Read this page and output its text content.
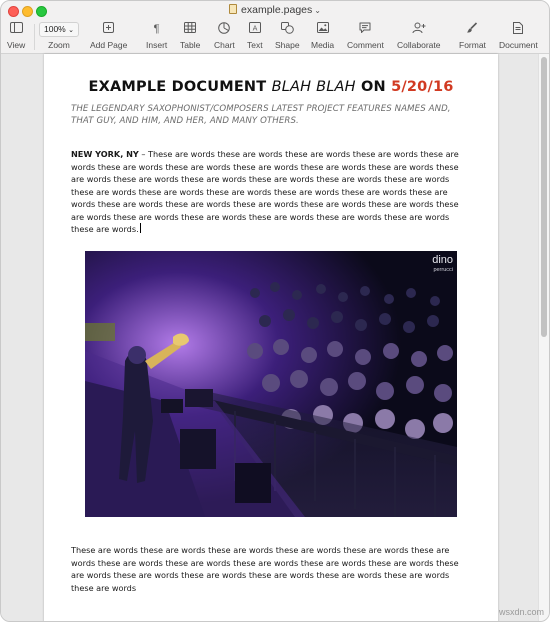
example.pages ⌄
View
100% ⌄
Zoom	Add Page
¶
Insert Table Chart
A
Text Shape Media Comment Collaborate Format Document
EXAMPLE DOCUMENT BLAH BLAH ON 5/20/16
THE LEGENDARY SAXOPHONIST/COMPOSERS LATEST PROJECT FEATURES NAMES AND, THAT GUY, AND HIM, AND HER, AND MANY OTHERS.
NEW YORK, NY – These are words these are words these are words these are words these are words these are words these are words these are words these are words these are words these are words these are words these are words these are words these are words these are words these are words these are words these are words these are words these are words these are words these are words these are words these are words these are words these are words these are words these are words these are words these are words these are words these are words these are words.
dino
perrucci
These are words these are words these are words these are words these are words these are words these are words these are words these are words these are words these are words these are words these are words these are words these are words these are words these are words these are words
wsxdn.com
